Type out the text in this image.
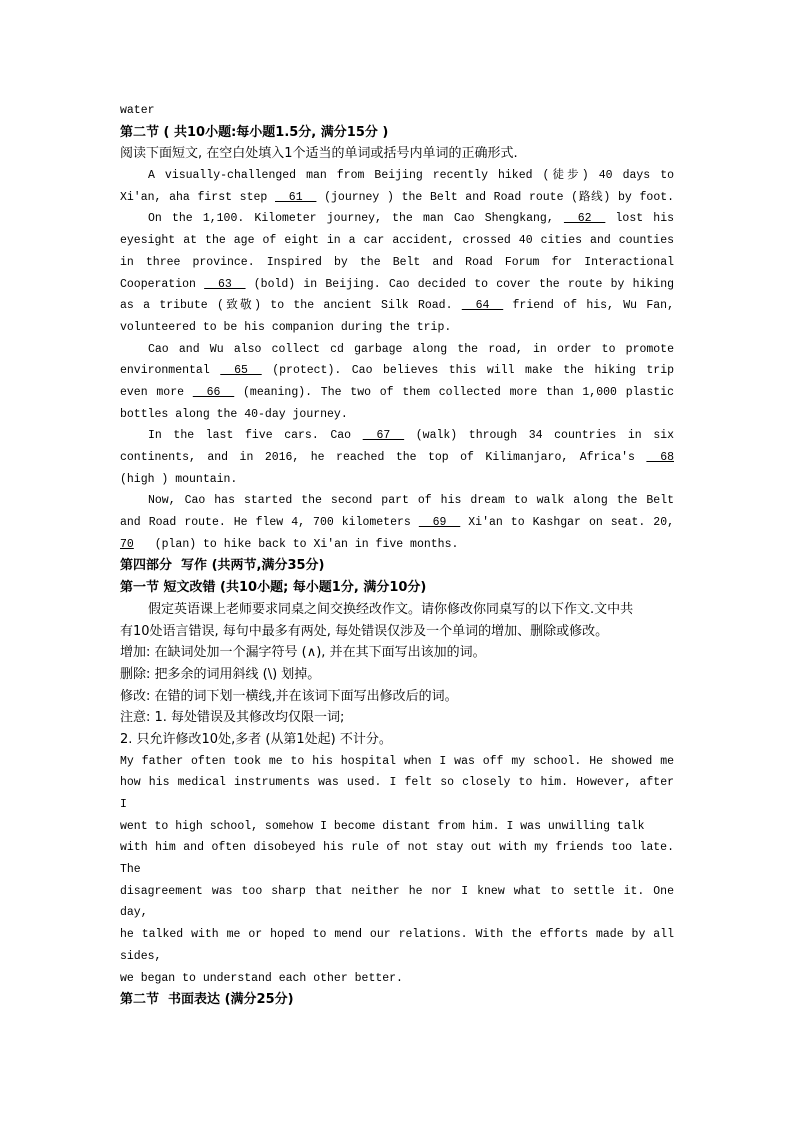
water
第二节 ( 共10小题:每小题1.5分, 满分15分 )
阅读下面短文, 在空白处填入1个适当的单词或括号内单词的正确形式.
A visually-challenged man from Beijing recently hiked (徒步) 40 days to
Xi'an, aha first step   61   (journey ) the Belt and Road route (路线) by foot.
On the 1,100. Kilometer journey, the man Cao Shengkang,   62   lost his
eyesight at the age of eight in a car accident, crossed 40 cities and counties
in three province. Inspired by the Belt and Road Forum for Interactional
Cooperation   63   (bold) in Beijing. Cao decided to cover the route by hiking
as a tribute (致敬) to the ancient Silk Road.   64   friend of his, Wu Fan,
volunteered to be his companion during the trip.
Cao and Wu also collect cd garbage along the road, in order to promote
environmental   65   (protect). Cao believes this will make the hiking trip
even more   66   (meaning). The two of them collected more than 1,000 plastic
bottles along the 40-day journey.
In the last five cars. Cao   67   (walk) through 34 countries in six
continents, and in 2016, he reached the top of Kilimanjaro, Africa's   68
(high ) mountain.
Now, Cao has started the second part of his dream to walk along the Belt
and Road route. He flew 4, 700 kilometers   69   Xi'an to Kashgar on seat. 20,
70 (plan) to hike back to Xi'an in five months.
第四部分  写作 (共两节,满分35分)
第一节 短文改错 (共10小题; 每小题1分, 满分10分)
假定英语课上老师要求同桌之间交换经改作文。请你修改你同桌写的以下作文.文中共
有10处语言错误, 每句中最多有两处, 每处错误仅涉及一个单词的增加、删除或修改。
增加: 在缺词处加一个漏字符号 (∧), 并在其下面写出该加的词。
删除: 把多余的词用斜线 (\) 划掉。
修改: 在错的词下划一横线,并在该词下面写出修改后的词。
注意: 1. 每处错误及其修改均仅限一词;
2. 只允许修改10处,多者 (从第1处起) 不计分。
My father often took me to his hospital when I was off my school. He showed me
how his medical instruments was used. I felt so closely to him. However, after
I
went to high school, somehow I become distant from him. I was unwilling talk
with him and often disobeyed his rule of not stay out with my friends too late.
The
disagreement was too sharp that neither he nor I knew what to settle it. One
day,
he talked with me or hoped to mend our relations. With the efforts made by all
sides,
we began to understand each other better.
第二节  书面表达 (满分25分)
